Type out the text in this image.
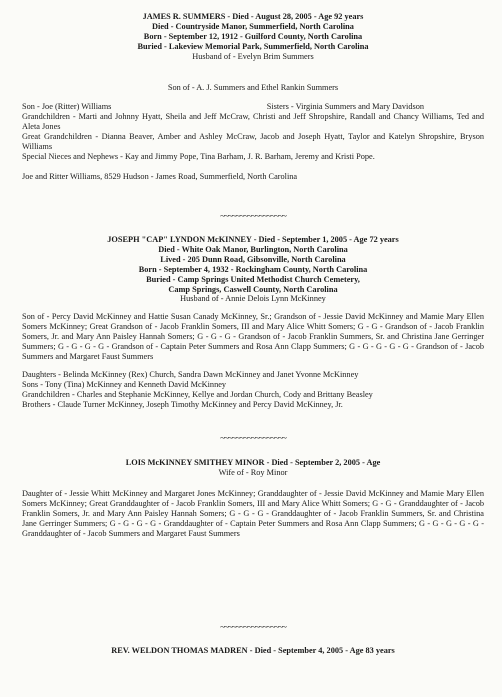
JAMES R. SUMMERS - Died - August 28, 2005 - Age 92 years
Died - Countryside Manor, Summerfield, North Carolina
Born - September 12, 1912 - Guilford County, North Carolina
Buried - Lakeview Memorial Park, Summerfield, North Carolina
Husband of - Evelyn Brim Summers
Son of - A. J. Summers and Ethel Rankin Summers
Son - Joe (Ritter) Williams	Sisters - Virginia Summers and Mary Davidson

Grandchildren - Marti and Johnny Hyatt, Sheila and Jeff McCraw, Christi and Jeff Shropshire, Randall and Chancy Williams, Ted and Aleta Jones

Great Grandchildren - Dianna Beaver, Amber and Ashley McCraw, Jacob and Joseph Hyatt, Taylor and Katelyn Shropshire, Bryson Williams

Special Nieces and Nephews - Kay and Jimmy Pope, Tina Barham, J. R. Barham, Jeremy and Kristi Pope.

Joe and Ritter Williams, 8529 Hudson - James Road, Summerfield, North Carolina

~~~~~~~~~~~~~~~~~
JOSEPH "CAP" LYNDON McKINNEY - Died - September 1, 2005 - Age 72 years
Died - White Oak Manor, Burlington, North Carolina
Lived - 205 Dunn Road, Gibsonville, North Carolina
Born - September 4, 1932 - Rockingham County, North Carolina
Buried - Camp Springs United Methodist Church Cemetery,
Camp Springs, Caswell County, North Carolina
Husband of - Annie Delois Lynn McKinney
Son of - Percy David McKinney and Hattie Susan Canady McKinney, Sr.; Grandson of - Jessie David McKinney and Mamie Mary Ellen Somers McKinney; Great Grandson of - Jacob Franklin Somers, III and Mary Alice Whitt Somers; G - G - Grandson of - Jacob Franklin Somers, Jr. and Mary Ann Paisley Hannah Somers; G - G - G - Grandson of - Jacob Franklin Summers, Sr. and Christina Jane Gerringer Summers; G - G - G - G - Grandson of - Captain Peter Summers and Rosa Ann Clapp Summers; G - G - G - G - G - Grandson of - Jacob Summers and Margaret Faust Summers

Daughters - Belinda McKinney (Rex) Church, Sandra Dawn McKinney and Janet Yvonne McKinney

Sons - Tony (Tina) McKinney and Kenneth David McKinney

Grandchildren - Charles and Stephanie McKinney, Kellye and Jordan Church, Cody and Brittany Beasley

Brothers - Claude Turner McKinney, Joseph Timothy McKinney and Percy David McKinney, Jr.

~~~~~~~~~~~~~~~~~
LOIS McKINNEY SMITHEY MINOR - Died - September 2, 2005 - Age
Wife of - Roy Minor
Daughter of - Jessie Whitt McKinney and Margaret Jones McKinney; Granddaughter of - Jessie David McKinney and Mamie Mary Ellen Somers McKinney; Great Granddaughter of - Jacob Franklin Somers, III and Mary Alice Whitt Somers; G - G - Granddaughter of - Jacob Franklin Somers, Jr. and Mary Ann Paisley Hannah Somers; G - G - G - Granddaughter of - Jacob Franklin Summers, Sr. and Christina Jane Gerringer Summers; G - G - G - G - Granddaughter of - Captain Peter Summers and Rosa Ann Clapp Summers; G - G - G - G - G - Granddaughter of - Jacob Summers and Margaret Faust Summers
~~~~~~~~~~~~~~~~~
REV. WELDON THOMAS MADREN - Died - September 4, 2005 - Age 83 years
